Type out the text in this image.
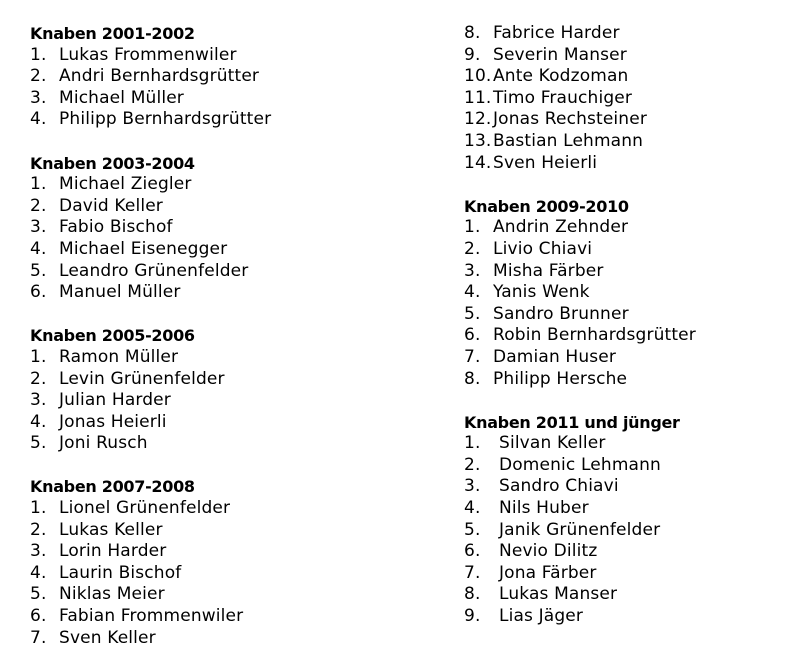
Knaben 2001-2002
1. Lukas Frommenwiler
2. Andri Bernhardsgrütter
3. Michael Müller
4. Philipp Bernhardsgrütter
Knaben 2003-2004
1. Michael Ziegler
2. David Keller
3. Fabio Bischof
4. Michael Eisenegger
5. Leandro Grünenfelder
6. Manuel Müller
Knaben 2005-2006
1. Ramon Müller
2. Levin Grünenfelder
3. Julian Harder
4. Jonas Heierli
5. Joni Rusch
Knaben 2007-2008
1. Lionel Grünenfelder
2. Lukas Keller
3. Lorin Harder
4. Laurin Bischof
5. Niklas Meier
6. Fabian Frommenwiler
7. Sven Keller
8. Fabrice Harder
9. Severin Manser
10.Ante Kodzoman
11.Timo Frauchiger
12.Jonas Rechsteiner
13.Bastian Lehmann
14.Sven Heierli
Knaben 2009-2010
1. Andrin Zehnder
2. Livio Chiavi
3. Misha Färber
4. Yanis Wenk
5. Sandro Brunner
6. Robin Bernhardsgrütter
7. Damian Huser
8. Philipp Hersche
Knaben 2011 und jünger
1. Silvan Keller
2. Domenic Lehmann
3. Sandro Chiavi
4. Nils Huber
5. Janik Grünenfelder
6. Nevio Dilitz
7. Jona Färber
8. Lukas Manser
9. Lias Jäger
